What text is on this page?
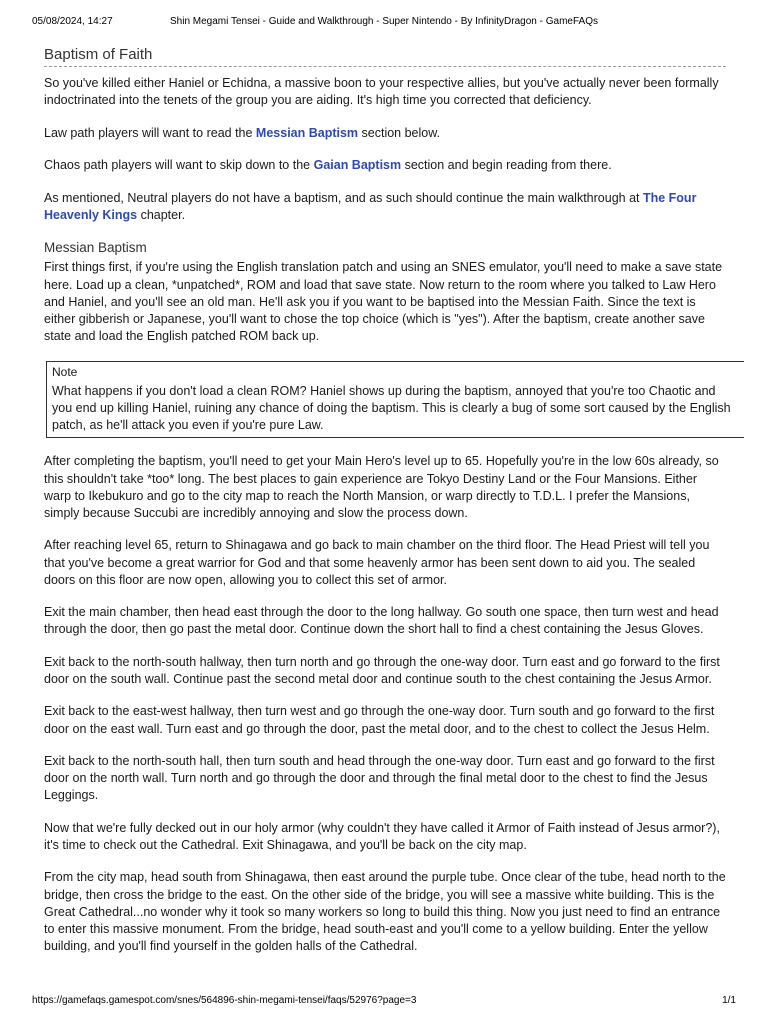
05/08/2024, 14:27	Shin Megami Tensei - Guide and Walkthrough - Super Nintendo - By InfinityDragon - GameFAQs
Baptism of Faith

So you've killed either Haniel or Echidna, a massive boon to your respective allies, but you've actually never been formally indoctrinated into the tenets of the group you are aiding. It's high time you corrected that deficiency.

Law path players will want to read the Messian Baptism section below.

Chaos path players will want to skip down to the Gaian Baptism section and begin reading from there.

As mentioned, Neutral players do not have a baptism, and as such should continue the main walkthrough at The Four Heavenly Kings chapter.

Messian Baptism

First things first, if you're using the English translation patch and using an SNES emulator, you'll need to make a save state here. Load up a clean, *unpatched*, ROM and load that save state. Now return to the room where you talked to Law Hero and Haniel, and you'll see an old man. He'll ask you if you want to be baptised into the Messian Faith. Since the text is either gibberish or Japanese, you'll want to chose the top choice (which is "yes"). After the baptism, create another save state and load the English patched ROM back up.

Note

What happens if you don't load a clean ROM? Haniel shows up during the baptism, annoyed that you're too Chaotic and you end up killing Haniel, ruining any chance of doing the baptism. This is clearly a bug of some sort caused by the English patch, as he'll attack you even if you're pure Law.

After completing the baptism, you'll need to get your Main Hero's level up to 65. Hopefully you're in the low 60s already, so this shouldn't take *too* long. The best places to gain experience are Tokyo Destiny Land or the Four Mansions. Either warp to Ikebukuro and go to the city map to reach the North Mansion, or warp directly to T.D.L. I prefer the Mansions, simply because Succubi are incredibly annoying and slow the process down.

After reaching level 65, return to Shinagawa and go back to main chamber on the third floor. The Head Priest will tell you that you've become a great warrior for God and that some heavenly armor has been sent down to aid you. The sealed doors on this floor are now open, allowing you to collect this set of armor.

Exit the main chamber, then head east through the door to the long hallway. Go south one space, then turn west and head through the door, then go past the metal door. Continue down the short hall to find a chest containing the Jesus Gloves.

Exit back to the north-south hallway, then turn north and go through the one-way door. Turn east and go forward to the first door on the south wall. Continue past the second metal door and continue south to the chest containing the Jesus Armor.

Exit back to the east-west hallway, then turn west and go through the one-way door. Turn south and go forward to the first door on the east wall. Turn east and go through the door, past the metal door, and to the chest to collect the Jesus Helm.

Exit back to the north-south hall, then turn south and head through the one-way door. Turn east and go forward to the first door on the north wall. Turn north and go through the door and through the final metal door to the chest to find the Jesus Leggings.

Now that we're fully decked out in our holy armor (why couldn't they have called it Armor of Faith instead of Jesus armor?), it's time to check out the Cathedral. Exit Shinagawa, and you'll be back on the city map.

From the city map, head south from Shinagawa, then east around the purple tube. Once clear of the tube, head north to the bridge, then cross the bridge to the east. On the other side of the bridge, you will see a massive white building. This is the Great Cathedral...no wonder why it took so many workers so long to build this thing. Now you just need to find an entrance to enter this massive monument. From the bridge, head south-east and you'll come to a yellow building. Enter the yellow building, and you'll find yourself in the golden halls of the Cathedral.

https://gamefaqs.gamespot.com/snes/564896-shin-megami-tensei/faqs/52976?page=3	1/1
